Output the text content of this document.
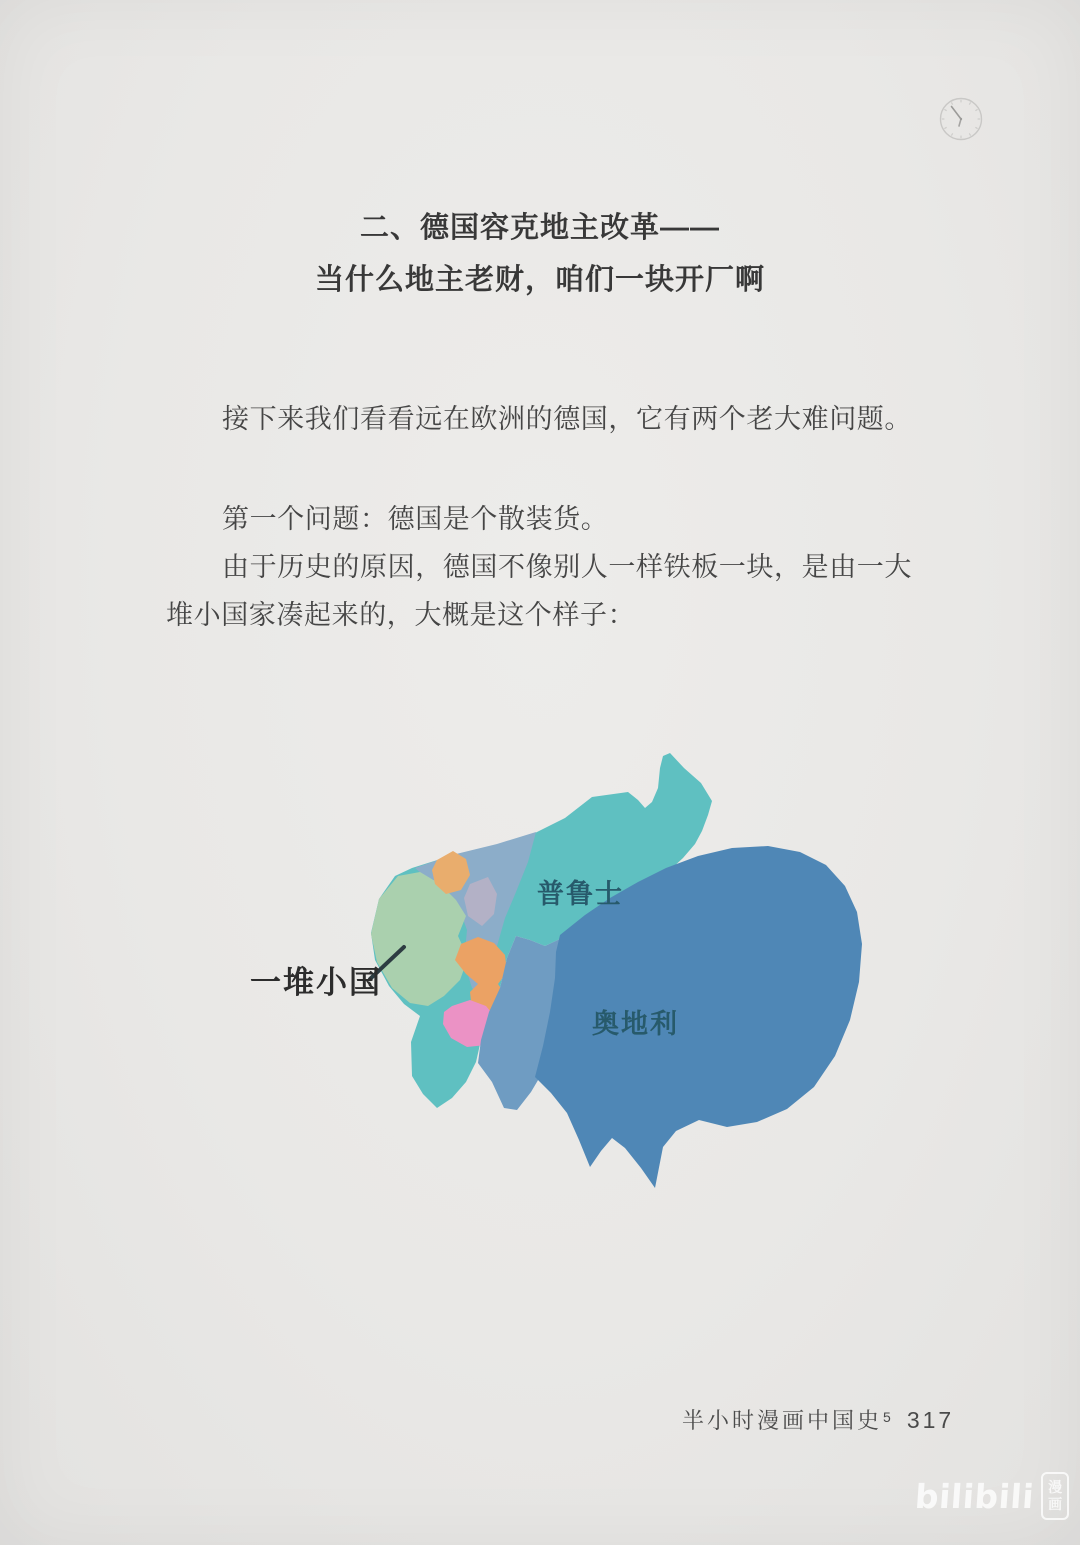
二、德国容克地主改革——
当什么地主老财，咱们一块开厂啊
接下来我们看看远在欧洲的德国，它有两个老大难问题。
第一个问题：德国是个散装货。
由于历史的原因，德国不像别人一样铁板一块，是由一大
堆小国家凑起来的，大概是这个样子：
普鲁士
奥地利
一堆小国
半小时漫画中国史5 317
bilibili 漫
画
